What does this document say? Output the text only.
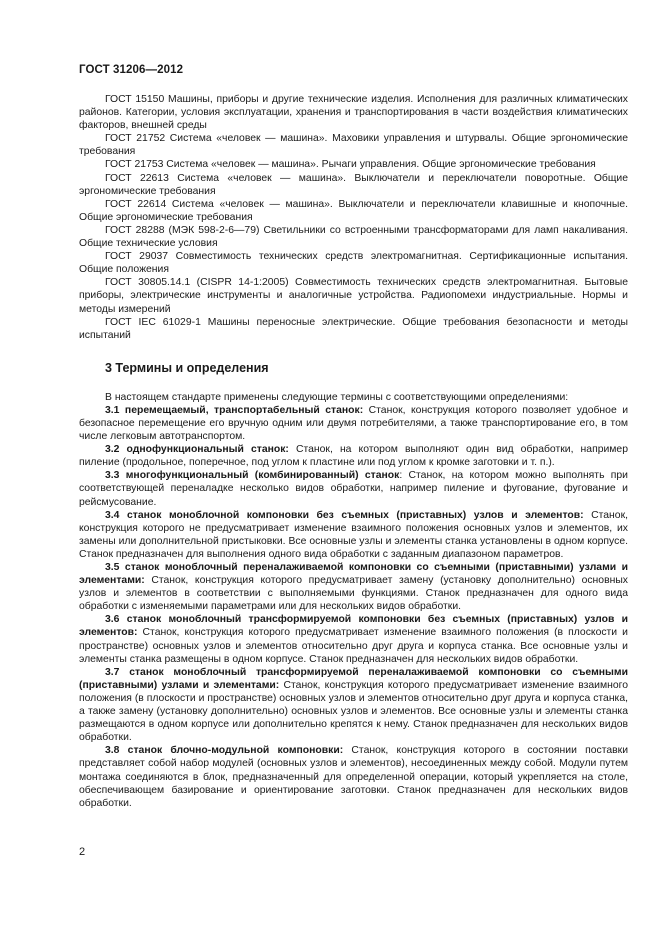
ГОСТ 31206—2012

ГОСТ 15150 Машины, приборы и другие технические изделия. Исполнения для различных климатических районов. Категории, условия эксплуатации, хранения и транспортирования в части воздействия климатических факторов, внешней среды

ГОСТ 21752 Система «человек — машина». Маховики управления и штурвалы. Общие эргономические требования

ГОСТ 21753 Система «человек — машина». Рычаги управления. Общие эргономические требования

ГОСТ 22613 Система «человек — машина». Выключатели и переключатели поворотные. Общие эргономические требования

ГОСТ 22614 Система «человек — машина». Выключатели и переключатели клавишные и кнопочные. Общие эргономические требования

ГОСТ 28288 (МЭК 598-2-6—79) Светильники со встроенными трансформаторами для ламп накаливания. Общие технические условия

ГОСТ 29037 Совместимость технических средств электромагнитная. Сертификационные испытания. Общие положения

ГОСТ 30805.14.1 (CISPR 14-1:2005) Совместимость технических средств электромагнитная. Бытовые приборы, электрические инструменты и аналогичные устройства. Радиопомехи индустриальные. Нормы и методы измерений

ГОСТ IEC 61029-1 Машины переносные электрические. Общие требования безопасности и методы испытаний

3 Термины и определения

В настоящем стандарте применены следующие термины с соответствующими определениями:

3.1 перемещаемый, транспортабельный станок: Станок, конструкция которого позволяет удобное и безопасное перемещение его вручную одним или двумя потребителями, а также транспортирование его, в том числе легковым автотранспортом.

3.2 однофункциональный станок: Станок, на котором выполняют один вид обработки, например пиление (продольное, поперечное, под углом к пластине или под углом к кромке заготовки и т. п.).

3.3 многофункциональный (комбинированный) станок: Станок, на котором можно выполнять при соответствующей переналадке несколько видов обработки, например пиление и фугование, фугование и рейсмусование.

3.4 станок моноблочной компоновки без съемных (приставных) узлов и элементов: Станок, конструкция которого не предусматривает изменение взаимного положения основных узлов и элементов, их замены или дополнительной пристыковки. Все основные узлы и элементы станка установлены в одном корпусе. Станок предназначен для выполнения одного вида обработки с заданным диапазоном параметров.

3.5 станок моноблочный переналаживаемой компоновки со съемными (приставными) узлами и элементами: Станок, конструкция которого предусматривает замену (установку дополнительно) основных узлов и элементов в соответствии с выполняемыми функциями. Станок предназначен для одного вида обработки с изменяемыми параметрами или для нескольких видов обработки.

3.6 станок моноблочный трансформируемой компоновки без съемных (приставных) узлов и элементов: Станок, конструкция которого предусматривает изменение взаимного положения (в плоскости и пространстве) основных узлов и элементов относительно друг друга и корпуса станка. Все основные узлы и элементы станка размещены в одном корпусе. Станок предназначен для нескольких видов обработки.

3.7 станок моноблочный трансформируемой переналаживаемой компоновки со съемными (приставными) узлами и элементами: Станок, конструкция которого предусматривает изменение взаимного положения (в плоскости и пространстве) основных узлов и элементов относительно друг друга и корпуса станка, а также замену (установку дополнительно) основных узлов и элементов. Все основные узлы и элементы станка размещаются в одном корпусе или дополнительно крепятся к нему. Станок предназначен для нескольких видов обработки.

3.8 станок блочно-модульной компоновки: Станок, конструкция которого в состоянии поставки представляет собой набор модулей (основных узлов и элементов), несоединенных между собой. Модули путем монтажа соединяются в блок, предназначенный для определенной операции, который укрепляется на столе, обеспечивающем базирование и ориентирование заготовки. Станок предназначен для нескольких видов обработки.

2
